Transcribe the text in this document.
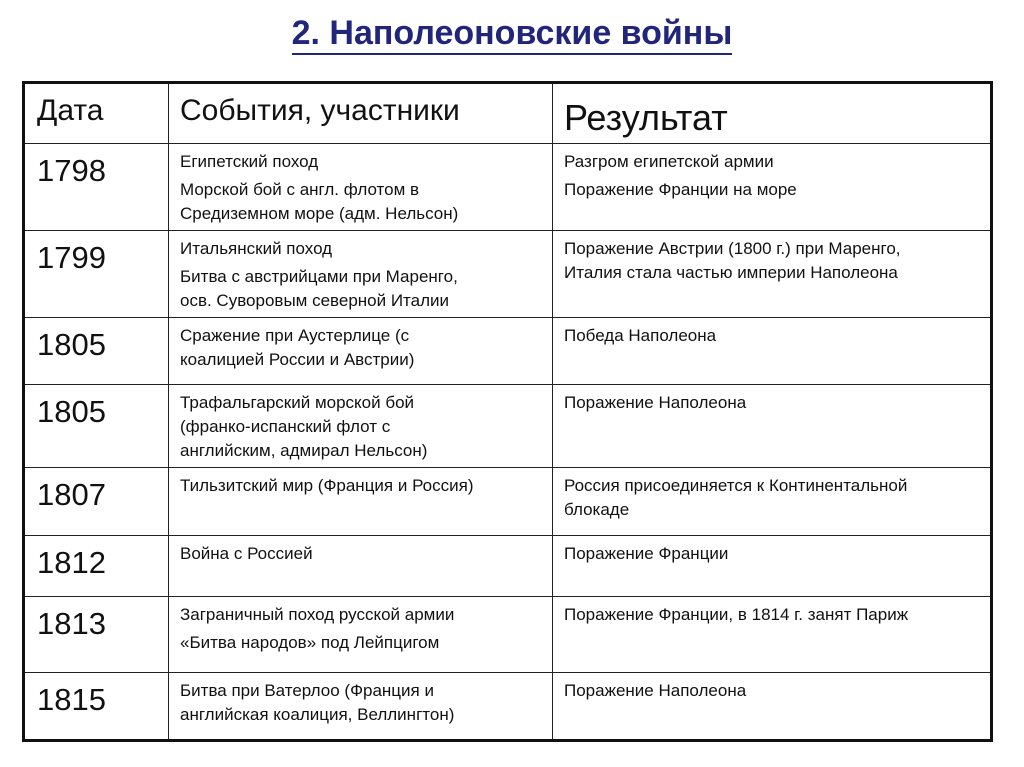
2. Наполеоновские войны
Дата	События, участники	Результат
1798	Египетский поход
Морской бой с англ. флотом в
Средиземном море (адм. Нельсон)	Разгром египетской армии
Поражение Франции на море

1799	Итальянский поход
Битва с австрийцами при Маренго,
осв. Суворовым северной Италии	Поражение Австрии (1800 г.) при Маренго,
Италия стала частью империи Наполеона

1805	Сражение при Аустерлице (с
коалицией России и Австрии)	Победа Наполеона

1805	Трафальгарский морской бой
(франко-испанский флот с
английским, адмирал Нельсон)	Поражение Наполеона

1807	Тильзитский мир (Франция и Россия)	Россия присоединяется к Континентальной
блокаде

1812	Война с Россией	Поражение Франции

1813	Заграничный поход русской армии
«Битва народов» под Лейпцигом	Поражение Франции, в 1814 г. занят Париж

1815	Битва при Ватерлоо (Франция и
английская коалиция, Веллингтон)	Поражение Наполеона
